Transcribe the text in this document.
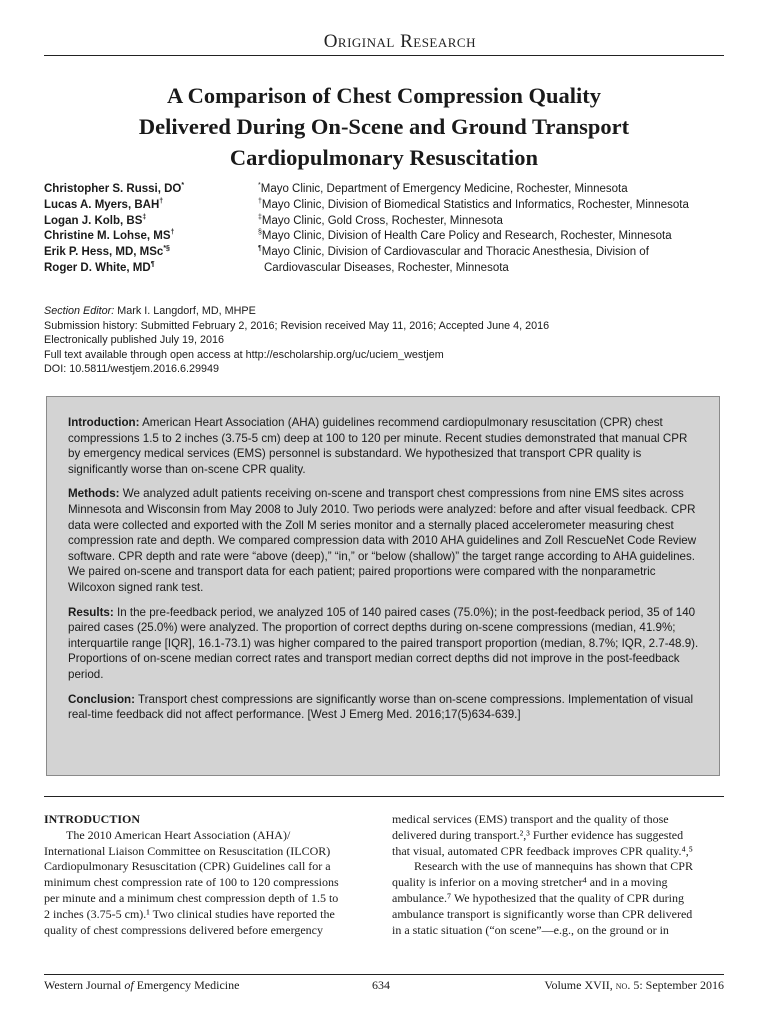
Original Research
A Comparison of Chest Compression Quality
Delivered During On-Scene and Ground Transport
Cardiopulmonary Resuscitation
Christopher S. Russi, DO*
Lucas A. Myers, BAH†
Logan J. Kolb, BS‡
Christine M. Lohse, MS†
Erik P. Hess, MD, MSc*§
Roger D. White, MD¶
*Mayo Clinic, Department of Emergency Medicine, Rochester, Minnesota
†Mayo Clinic, Division of Biomedical Statistics and Informatics, Rochester, Minnesota
‡Mayo Clinic, Gold Cross, Rochester, Minnesota
§Mayo Clinic, Division of Health Care Policy and Research, Rochester, Minnesota
¶Mayo Clinic, Division of Cardiovascular and Thoracic Anesthesia, Division of
Cardiovascular Diseases, Rochester, Minnesota
Section Editor: Mark I. Langdorf, MD, MHPE
Submission history: Submitted February 2, 2016; Revision received May 11, 2016; Accepted June 4, 2016
Electronically published July 19, 2016
Full text available through open access at http://escholarship.org/uc/uciem_westjem
DOI: 10.5811/westjem.2016.6.29949

Introduction: American Heart Association (AHA) guidelines recommend cardiopulmonary resuscitation (CPR) chest compressions 1.5 to 2 inches (3.75-5 cm) deep at 100 to 120 per minute. Recent studies demonstrated that manual CPR by emergency medical services (EMS) personnel is substandard. We hypothesized that transport CPR quality is significantly worse than on-scene CPR quality.

Methods: We analyzed adult patients receiving on-scene and transport chest compressions from nine EMS sites across Minnesota and Wisconsin from May 2008 to July 2010. Two periods were analyzed: before and after visual feedback. CPR data were collected and exported with the Zoll M series monitor and a sternally placed accelerometer measuring chest compression rate and depth. We compared compression data with 2010 AHA guidelines and Zoll RescueNet Code Review software. CPR depth and rate were “above (deep),” “in,” or “below (shallow)” the target range according to AHA guidelines. We paired on-scene and transport data for each patient; paired proportions were compared with the nonparametric Wilcoxon signed rank test.

Results: In the pre-feedback period, we analyzed 105 of 140 paired cases (75.0%); in the post-feedback period, 35 of 140 paired cases (25.0%) were analyzed. The proportion of correct depths during on-scene compressions (median, 41.9%; interquartile range [IQR], 16.1-73.1) was higher compared to the paired transport proportion (median, 8.7%; IQR, 2.7-48.9). Proportions of on-scene median correct rates and transport median correct depths did not improve in the post-feedback period.

Conclusion: Transport chest compressions are significantly worse than on-scene compressions. Implementation of visual real-time feedback did not affect performance. [West J Emerg Med. 2016;17(5)634-639.]

INTRODUCTION
The 2010 American Heart Association (AHA)/
International Liaison Committee on Resuscitation (ILCOR)
Cardiopulmonary Resuscitation (CPR) Guidelines call for a
minimum chest compression rate of 100 to 120 compressions
per minute and a minimum chest compression depth of 1.5 to
2 inches (3.75-5 cm).¹ Two clinical studies have reported the
quality of chest compressions delivered before emergency
medical services (EMS) transport and the quality of those
delivered during transport.²,³ Further evidence has suggested
that visual, automated CPR feedback improves CPR quality.⁴,⁵
Research with the use of mannequins has shown that CPR
quality is inferior on a moving stretcher⁴ and in a moving
ambulance.⁷ We hypothesized that the quality of CPR during
ambulance transport is significantly worse than CPR delivered
in a static situation (“on scene”—e.g., on the ground or in
Western Journal of Emergency Medicine	634	Volume XVII, no. 5: September 2016
